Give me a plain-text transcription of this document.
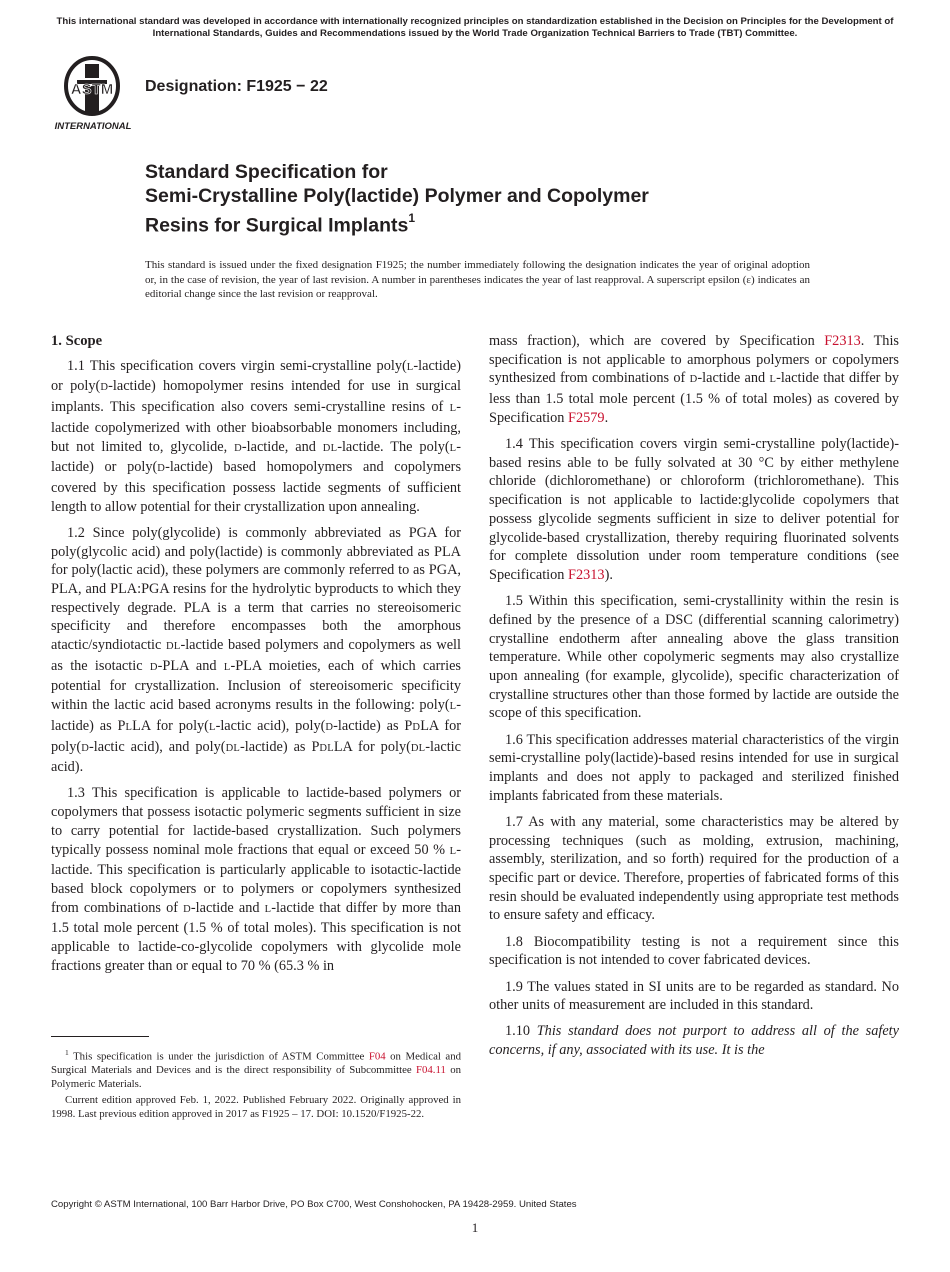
This international standard was developed in accordance with internationally recognized principles on standardization established in the Decision on Principles for the Development of International Standards, Guides and Recommendations issued by the World Trade Organization Technical Barriers to Trade (TBT) Committee.
ASTM
INTERNATIONAL
Designation: F1925 − 22
Standard Specification for
Semi-Crystalline Poly(lactide) Polymer and Copolymer
Resins for Surgical Implants$^1$
This standard is issued under the fixed designation F1925; the number immediately following the designation indicates the year of original adoption or, in the case of revision, the year of last revision. A number in parentheses indicates the year of last reapproval. A superscript epsilon (ε) indicates an editorial change since the last revision or reapproval.
1. Scope

1.1 This specification covers virgin semi-crystalline poly(L-lactide) or poly(D-lactide) homopolymer resins intended for use in surgical implants. This specification also covers semi-crystalline resins of L-lactide copolymerized with other bioabsorbable monomers including, but not limited to, glycolide, D-lactide, and DL-lactide. The poly(L-lactide) or poly(D-lactide) based homopolymers and copolymers covered by this specification possess lactide segments of sufficient length to allow potential for their crystallization upon annealing.

1.2 Since poly(glycolide) is commonly abbreviated as PGA for poly(glycolic acid) and poly(lactide) is commonly abbreviated as PLA for poly(lactic acid), these polymers are commonly referred to as PGA, PLA, and PLA:PGA resins for the hydrolytic byproducts to which they respectively degrade. PLA is a term that carries no stereoisomeric specificity and therefore encompasses both the amorphous atactic/syndiotactic DL-lactide based polymers and copolymers as well as the isotactic D-PLA and L-PLA moieties, each of which carries potential for crystallization. Inclusion of stereoisomeric specificity within the lactic acid based acronyms results in the following: poly(L-lactide) as PLLA for poly(L-lactic acid), poly(D-lactide) as PDLA for poly(D-lactic acid), and poly(DL-lactide) as PDLLA for poly(DL-lactic acid).

1.3 This specification is applicable to lactide-based polymers or copolymers that possess isotactic polymeric segments sufficient in size to carry potential for lactide-based crystallization. Such polymers typically possess nominal mole fractions that equal or exceed 50 % L-lactide. This specification is particularly applicable to isotactic-lactide based block copolymers or to polymers or copolymers synthesized from combinations of D-lactide and L-lactide that differ by more than 1.5 total mole percent (1.5 % of total moles). This specification is not applicable to lactide-co-glycolide copolymers with glycolide mole fractions greater than or equal to 70 % (65.3 % in

mass fraction), which are covered by Specification F2313. This specification is not applicable to amorphous polymers or copolymers synthesized from combinations of D-lactide and L-lactide that differ by less than 1.5 total mole percent (1.5 % of total moles) as covered by Specification F2579.

1.4 This specification covers virgin semi-crystalline poly(lactide)-based resins able to be fully solvated at 30 °C by either methylene chloride (dichloromethane) or chloroform (trichloromethane). This specification is not applicable to lactide:glycolide copolymers that possess glycolide segments sufficient in size to deliver potential for glycolide-based crystallization, thereby requiring fluorinated solvents for complete dissolution under room temperature conditions (see Specification F2313).

1.5 Within this specification, semi-crystallinity within the resin is defined by the presence of a DSC (differential scanning calorimetry) crystalline endotherm after annealing above the glass transition temperature. While other copolymeric segments may also crystallize upon annealing (for example, glycolide), specific characterization of crystalline structures other than those formed by lactide are outside the scope of this specification.

1.6 This specification addresses material characteristics of the virgin semi-crystalline poly(lactide)-based resins intended for use in surgical implants and does not apply to packaged and sterilized finished implants fabricated from these materials.

1.7 As with any material, some characteristics may be altered by processing techniques (such as molding, extrusion, machining, assembly, sterilization, and so forth) required for the production of a specific part or device. Therefore, properties of fabricated forms of this resin should be evaluated independently using appropriate test methods to ensure safety and efficacy.

1.8 Biocompatibility testing is not a requirement since this specification is not intended to cover fabricated devices.

1.9 The values stated in SI units are to be regarded as standard. No other units of measurement are included in this standard.

1.10 This standard does not purport to address all of the safety concerns, if any, associated with its use. It is the

$^1$ This specification is under the jurisdiction of ASTM Committee F04 on Medical and Surgical Materials and Devices and is the direct responsibility of Subcommittee F04.11 on Polymeric Materials.

Current edition approved Feb. 1, 2022. Published February 2022. Originally approved in 1998. Last previous edition approved in 2017 as F1925 – 17. DOI: 10.1520/F1925-22.

Copyright © ASTM International, 100 Barr Harbor Drive, PO Box C700, West Conshohocken, PA 19428-2959. United States
1
